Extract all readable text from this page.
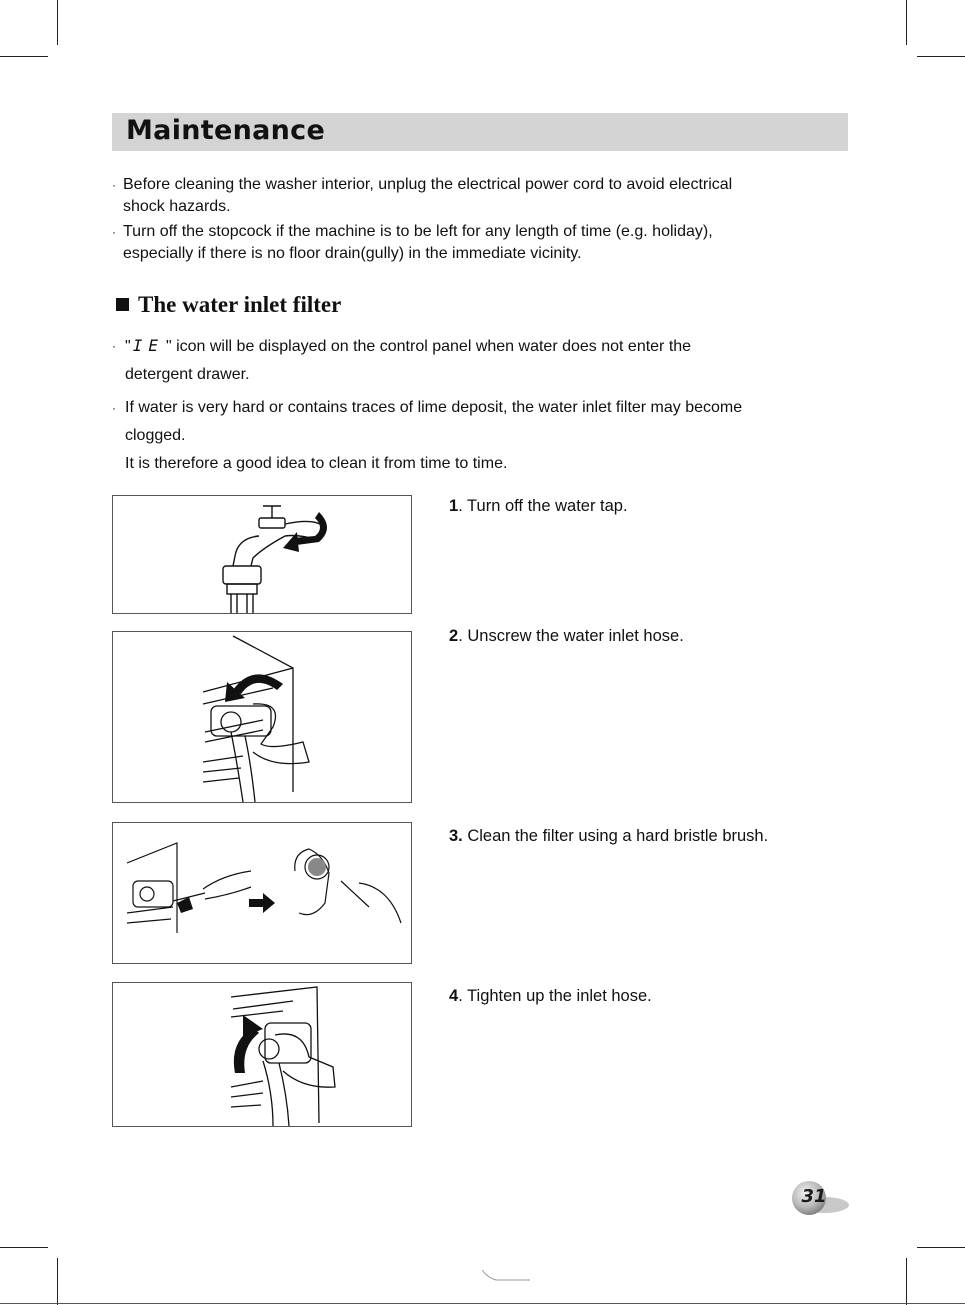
Maintenance
· Before cleaning the washer interior, unplug the electrical power cord to avoid electrical
shock hazards.
· Turn off the stopcock if the machine is to be left for any length of time (e.g. holiday),
especially if there is no floor drain(gully) in the immediate vicinity.
The water inlet filter
· " IE " icon will be displayed on the control panel when water does not enter the
detergent drawer.
· If water is very hard or contains traces of lime deposit, the water inlet filter may become
clogged.
It is therefore a good idea to clean it from time to time.

1. Turn off the water tap.

2. Unscrew the water inlet hose.

3. Clean the filter using a hard bristle brush.

4. Tighten up the inlet hose.

31
